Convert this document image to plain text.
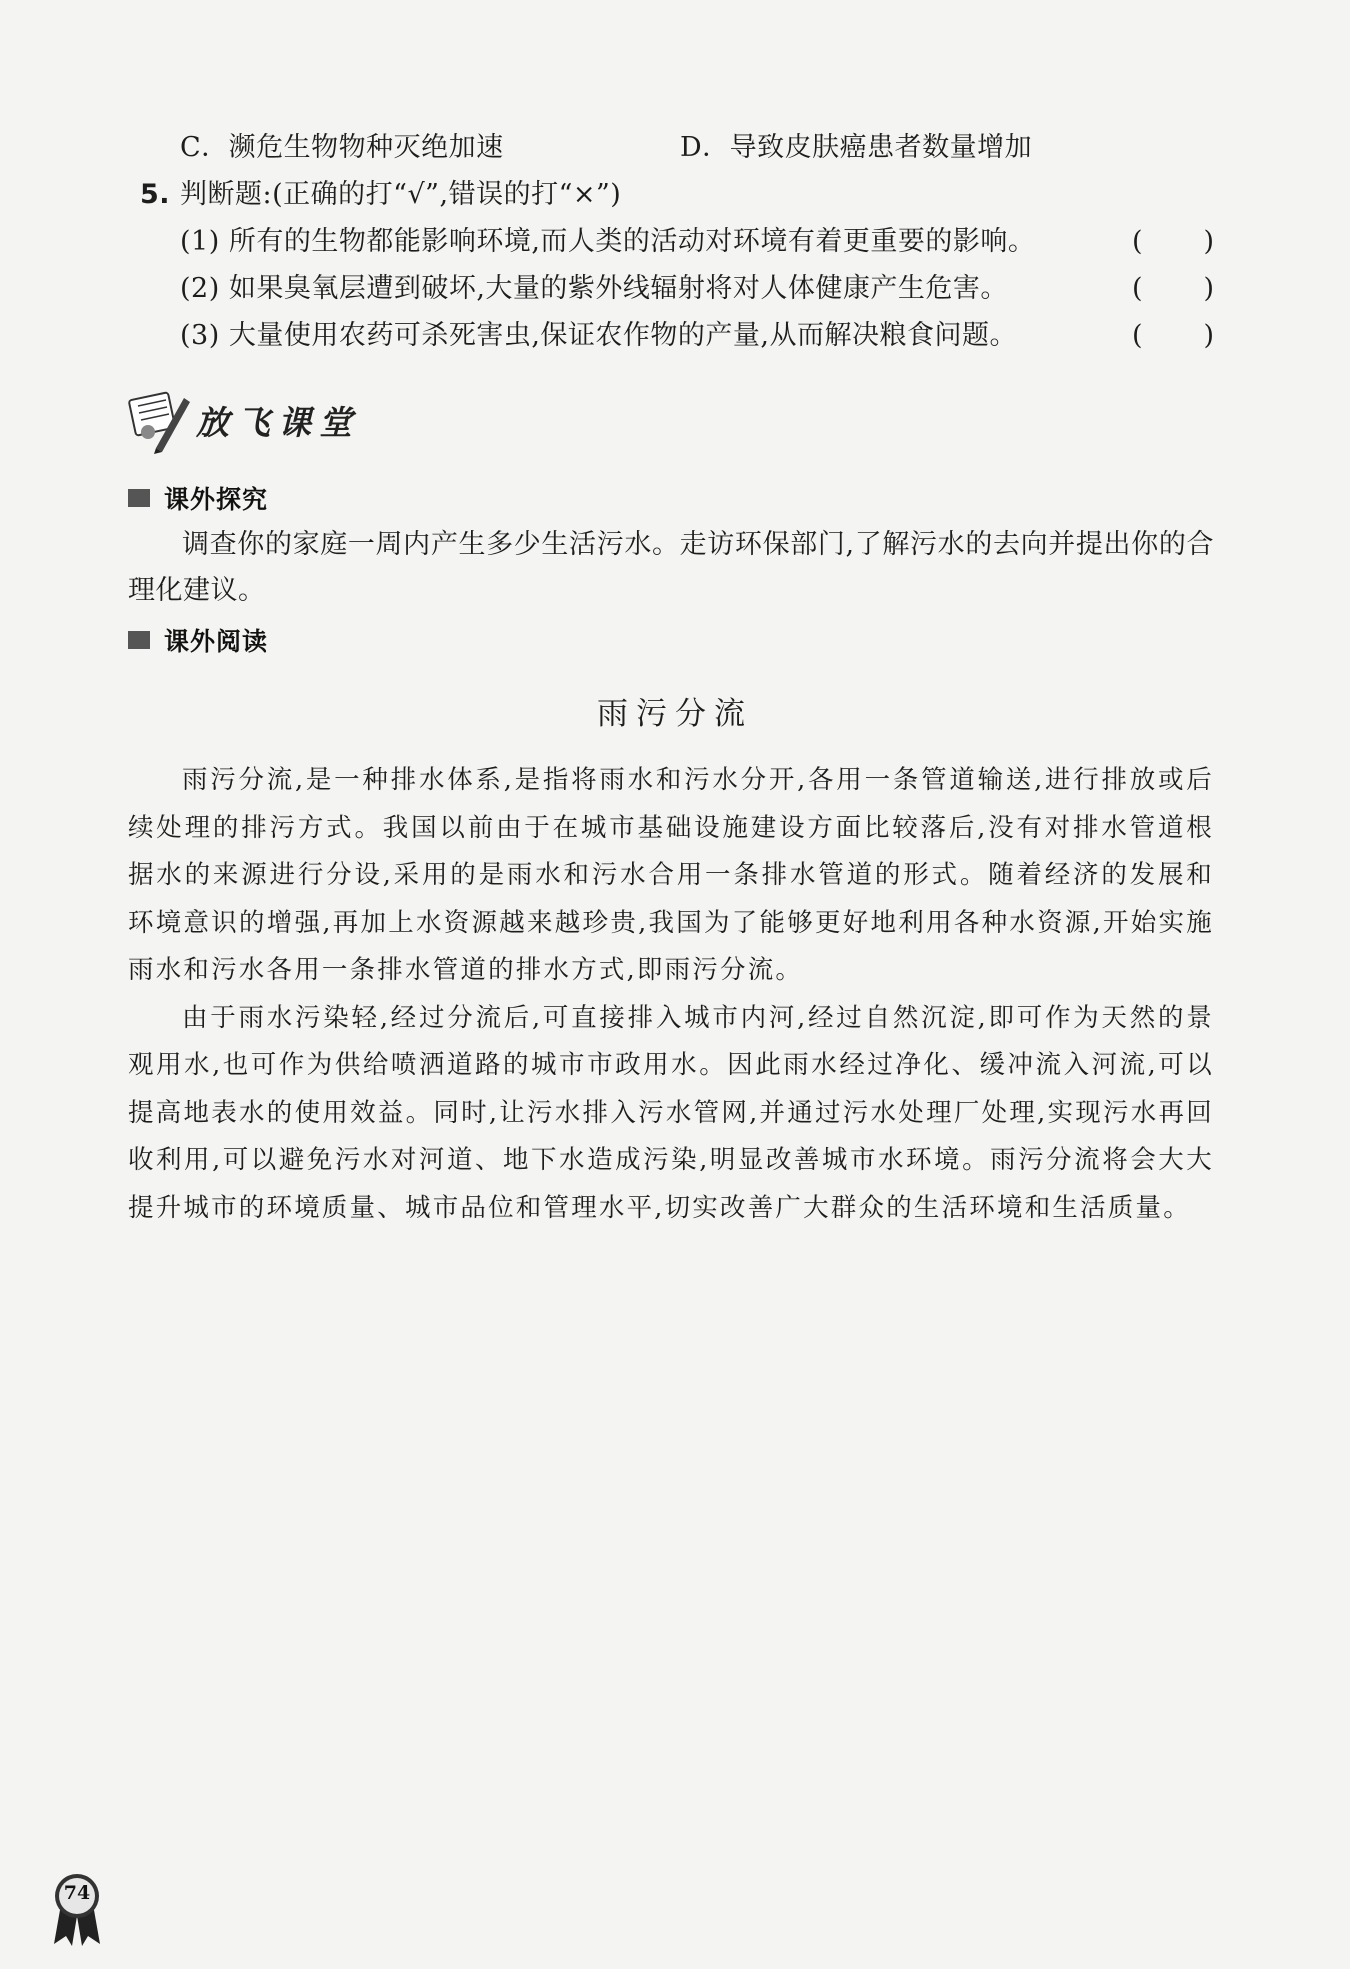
C．濒危生物物种灭绝加速	D．导致皮肤癌患者数量增加
5. 判断题:(正确的打“√”,错误的打“×”)
(1) 所有的生物都能影响环境,而人类的活动对环境有着更重要的影响。	( )
(2) 如果臭氧层遭到破坏,大量的紫外线辐射将对人体健康产生危害。	( )
(3) 大量使用农药可杀死害虫,保证农作物的产量,从而解决粮食问题。	( )
放飞课堂
课外探究
调查你的家庭一周内产生多少生活污水。走访环保部门,了解污水的去向并提出你的合理化建议。
课外阅读
雨污分流

雨污分流,是一种排水体系,是指将雨水和污水分开,各用一条管道输送,进行排放或后续处理的排污方式。我国以前由于在城市基础设施建设方面比较落后,没有对排水管道根据水的来源进行分设,采用的是雨水和污水合用一条排水管道的形式。随着经济的发展和环境意识的增强,再加上水资源越来越珍贵,我国为了能够更好地利用各种水资源,开始实施雨水和污水各用一条排水管道的排水方式,即雨污分流。

由于雨水污染轻,经过分流后,可直接排入城市内河,经过自然沉淀,即可作为天然的景观用水,也可作为供给喷洒道路的城市市政用水。因此雨水经过净化、缓冲流入河流,可以提高地表水的使用效益。同时,让污水排入污水管网,并通过污水处理厂处理,实现污水再回收利用,可以避免污水对河道、地下水造成污染,明显改善城市水环境。雨污分流将会大大提升城市的环境质量、城市品位和管理水平,切实改善广大群众的生活环境和生活质量。

74
